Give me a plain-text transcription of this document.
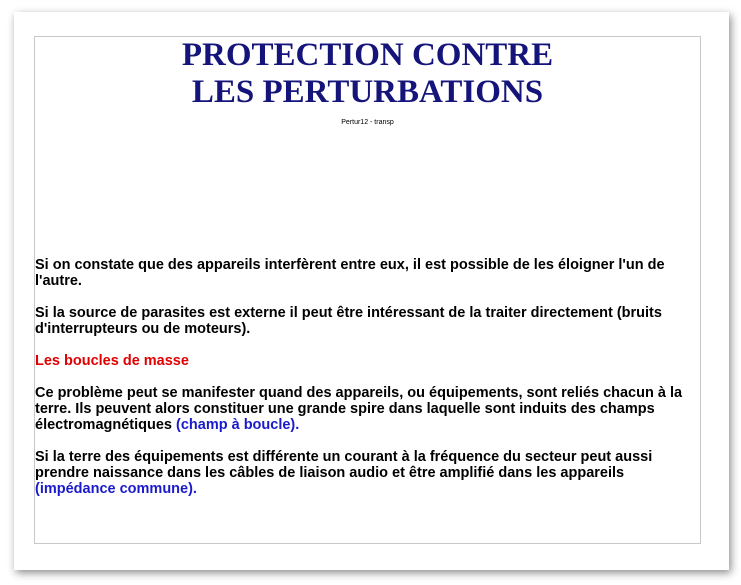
PROTECTION CONTRE
LES PERTURBATIONS
Pertur12 - transp

Si on constate que des appareils interfèrent entre eux, il est possible de les éloigner l'un de l'autre.

Si la source de parasites est externe il peut être intéressant de la traiter directement (bruits d'interrupteurs ou de moteurs).

Les boucles de masse

Ce problème peut se manifester quand des appareils, ou équipements, sont reliés chacun à la terre. Ils peuvent alors constituer une grande spire dans laquelle sont induits des champs électromagnétiques (champ à boucle).

Si la terre des équipements est différente un courant à la fréquence du secteur peut aussi prendre naissance dans les câbles de liaison audio et être amplifié dans les appareils (impédance commune).
